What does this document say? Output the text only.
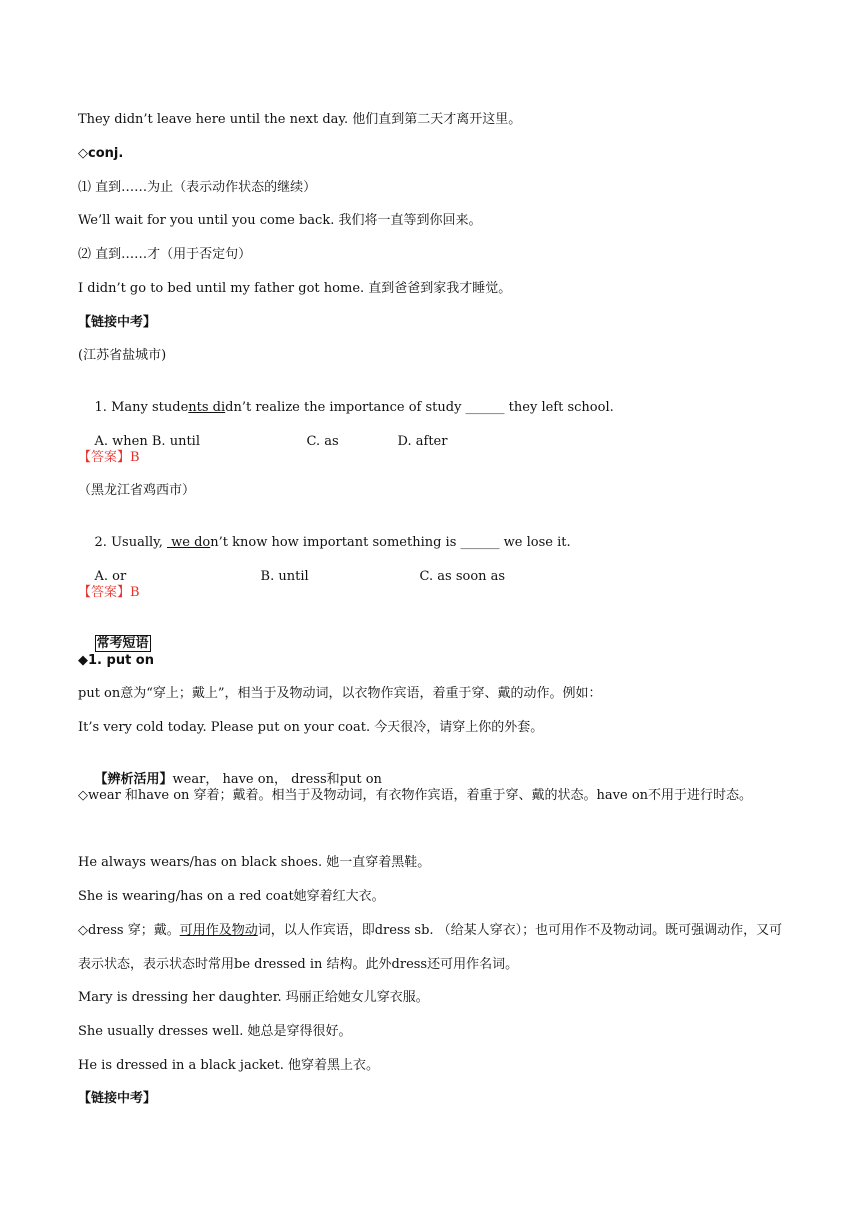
They didn’t leave here until the next day. 他们直到第二天才离开这里。
◇conj.
⑴ 直到……为止（表示动作状态的继续）
We’ll wait for you until you come back. 我们将一直等到你回来。
⑵ 直到……才（用于否定句）
I didn’t go to bed until my father got home. 直到爸爸到家我才睡觉。
【链接中考】
(江苏省盐城市)

1. Many students didn’t realize the importance of study ______ they left school.

A. when B. until	C. as	D. after

【答案】B
（黑龙江省鸡西市）

2. Usually,  we don’t know how important something is ______ we lose it.

A. or	B. until	C. as soon as

【答案】B

常考短语

◆1. put on
put on意为“穿上；戴上”，相当于及物动词，以衣物作宾语，着重于穿、戴的动作。例如：
It’s very cold today. Please put on your coat. 今天很冷，请穿上你的外套。

【辨析活用】wear， have on， dress和put on

◇wear 和have on 穿着；戴着。相当于及物动词，有衣物作宾语，着重于穿、戴的状态。have on不用于进行时态。
He always wears/has on black shoes. 她一直穿着黑鞋。
She is wearing/has on a red coat她穿着红大衣。
◇dress 穿；戴。可用作及物动词，以人作宾语，即dress sb. （给某人穿衣）；也可用作不及物动词。既可强调动作，又可表示状态，表示状态时常用be dressed in 结构。此外dress还可用作名词。
Mary is dressing her daughter. 玛丽正给她女儿穿衣服。
She usually dresses well. 她总是穿得很好。
He is dressed in a black jacket. 他穿着黑上衣。
【链接中考】
